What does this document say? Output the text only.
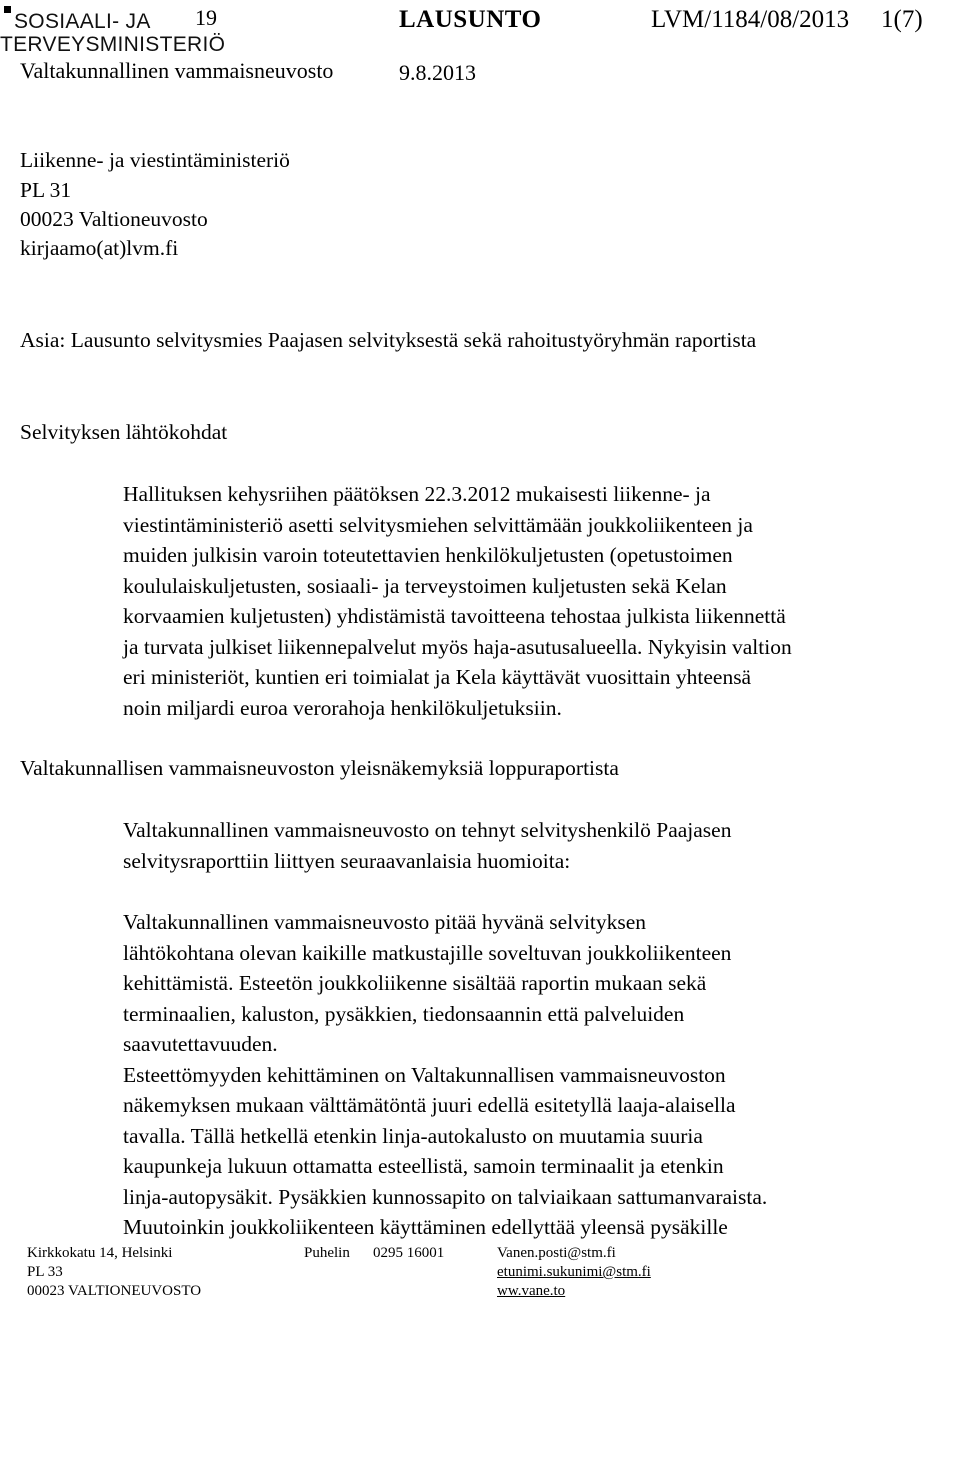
SOSIAALI- JA
TERVEYSMINISTERIÖ
Valtakunnallinen vammaisneuvosto
19	LAUSUNTO	LVM/1184/08/2013 1(7)
9.8.2013
Liikenne- ja viestintäministeriö
PL 31
00023 Valtioneuvosto
kirjaamo(at)lvm.fi
Asia: Lausunto selvitysmies Paajasen selvityksestä sekä rahoitustyöryhmän raportista
Selvityksen lähtökohdat
Hallituksen kehysriihen päätöksen 22.3.2012 mukaisesti liikenne- ja
viestintäministeriö asetti selvitysmiehen selvittämään joukkoliikenteen ja
muiden julkisin varoin toteutettavien henkilökuljetusten (opetustoimen
koululaiskuljetusten, sosiaali- ja terveystoimen kuljetusten sekä Kelan
korvaamien kuljetusten) yhdistämistä tavoitteena tehostaa julkista liikennettä
ja turvata julkiset liikennepalvelut myös haja-asutusalueella. Nykyisin valtion
eri ministeriöt, kuntien eri toimialat ja Kela käyttävät vuosittain yhteensä
noin miljardi euroa verorahoja henkilökuljetuksiin.
Valtakunnallisen vammaisneuvoston yleisnäkemyksiä loppuraportista
Valtakunnallinen vammaisneuvosto on tehnyt selvityshenkilö Paajasen
selvitysraporttiin liittyen seuraavanlaisia huomioita:
Valtakunnallinen vammaisneuvosto pitää hyvänä selvityksen
lähtökohtana olevan kaikille matkustajille soveltuvan joukkoliikenteen
kehittämistä. Esteetön joukkoliikenne sisältää raportin mukaan sekä
terminaalien, kaluston, pysäkkien, tiedonsaannin että palveluiden
saavutettavuuden.
Esteettömyyden kehittäminen on Valtakunnallisen vammaisneuvoston
näkemyksen mukaan välttämätöntä juuri edellä esitetyllä laaja-alaisella
tavalla. Tällä hetkellä etenkin linja-autokalusto on muutamia suuria
kaupunkeja lukuun ottamatta esteellistä, samoin terminaalit ja etenkin
linja-autopysäkit. Pysäkkien kunnossapito on talviaikaan sattumanvaraista.
Muutoinkin joukkoliikenteen käyttäminen edellyttää yleensä pysäkille
Kirkkokatu 14, Helsinki
PL 33
00023 VALTIONEUVOSTO
Puhelin 0295 16001	Vanen.posti@stm.fi
etunimi.sukunimi@stm.fi
ww.vane.to
